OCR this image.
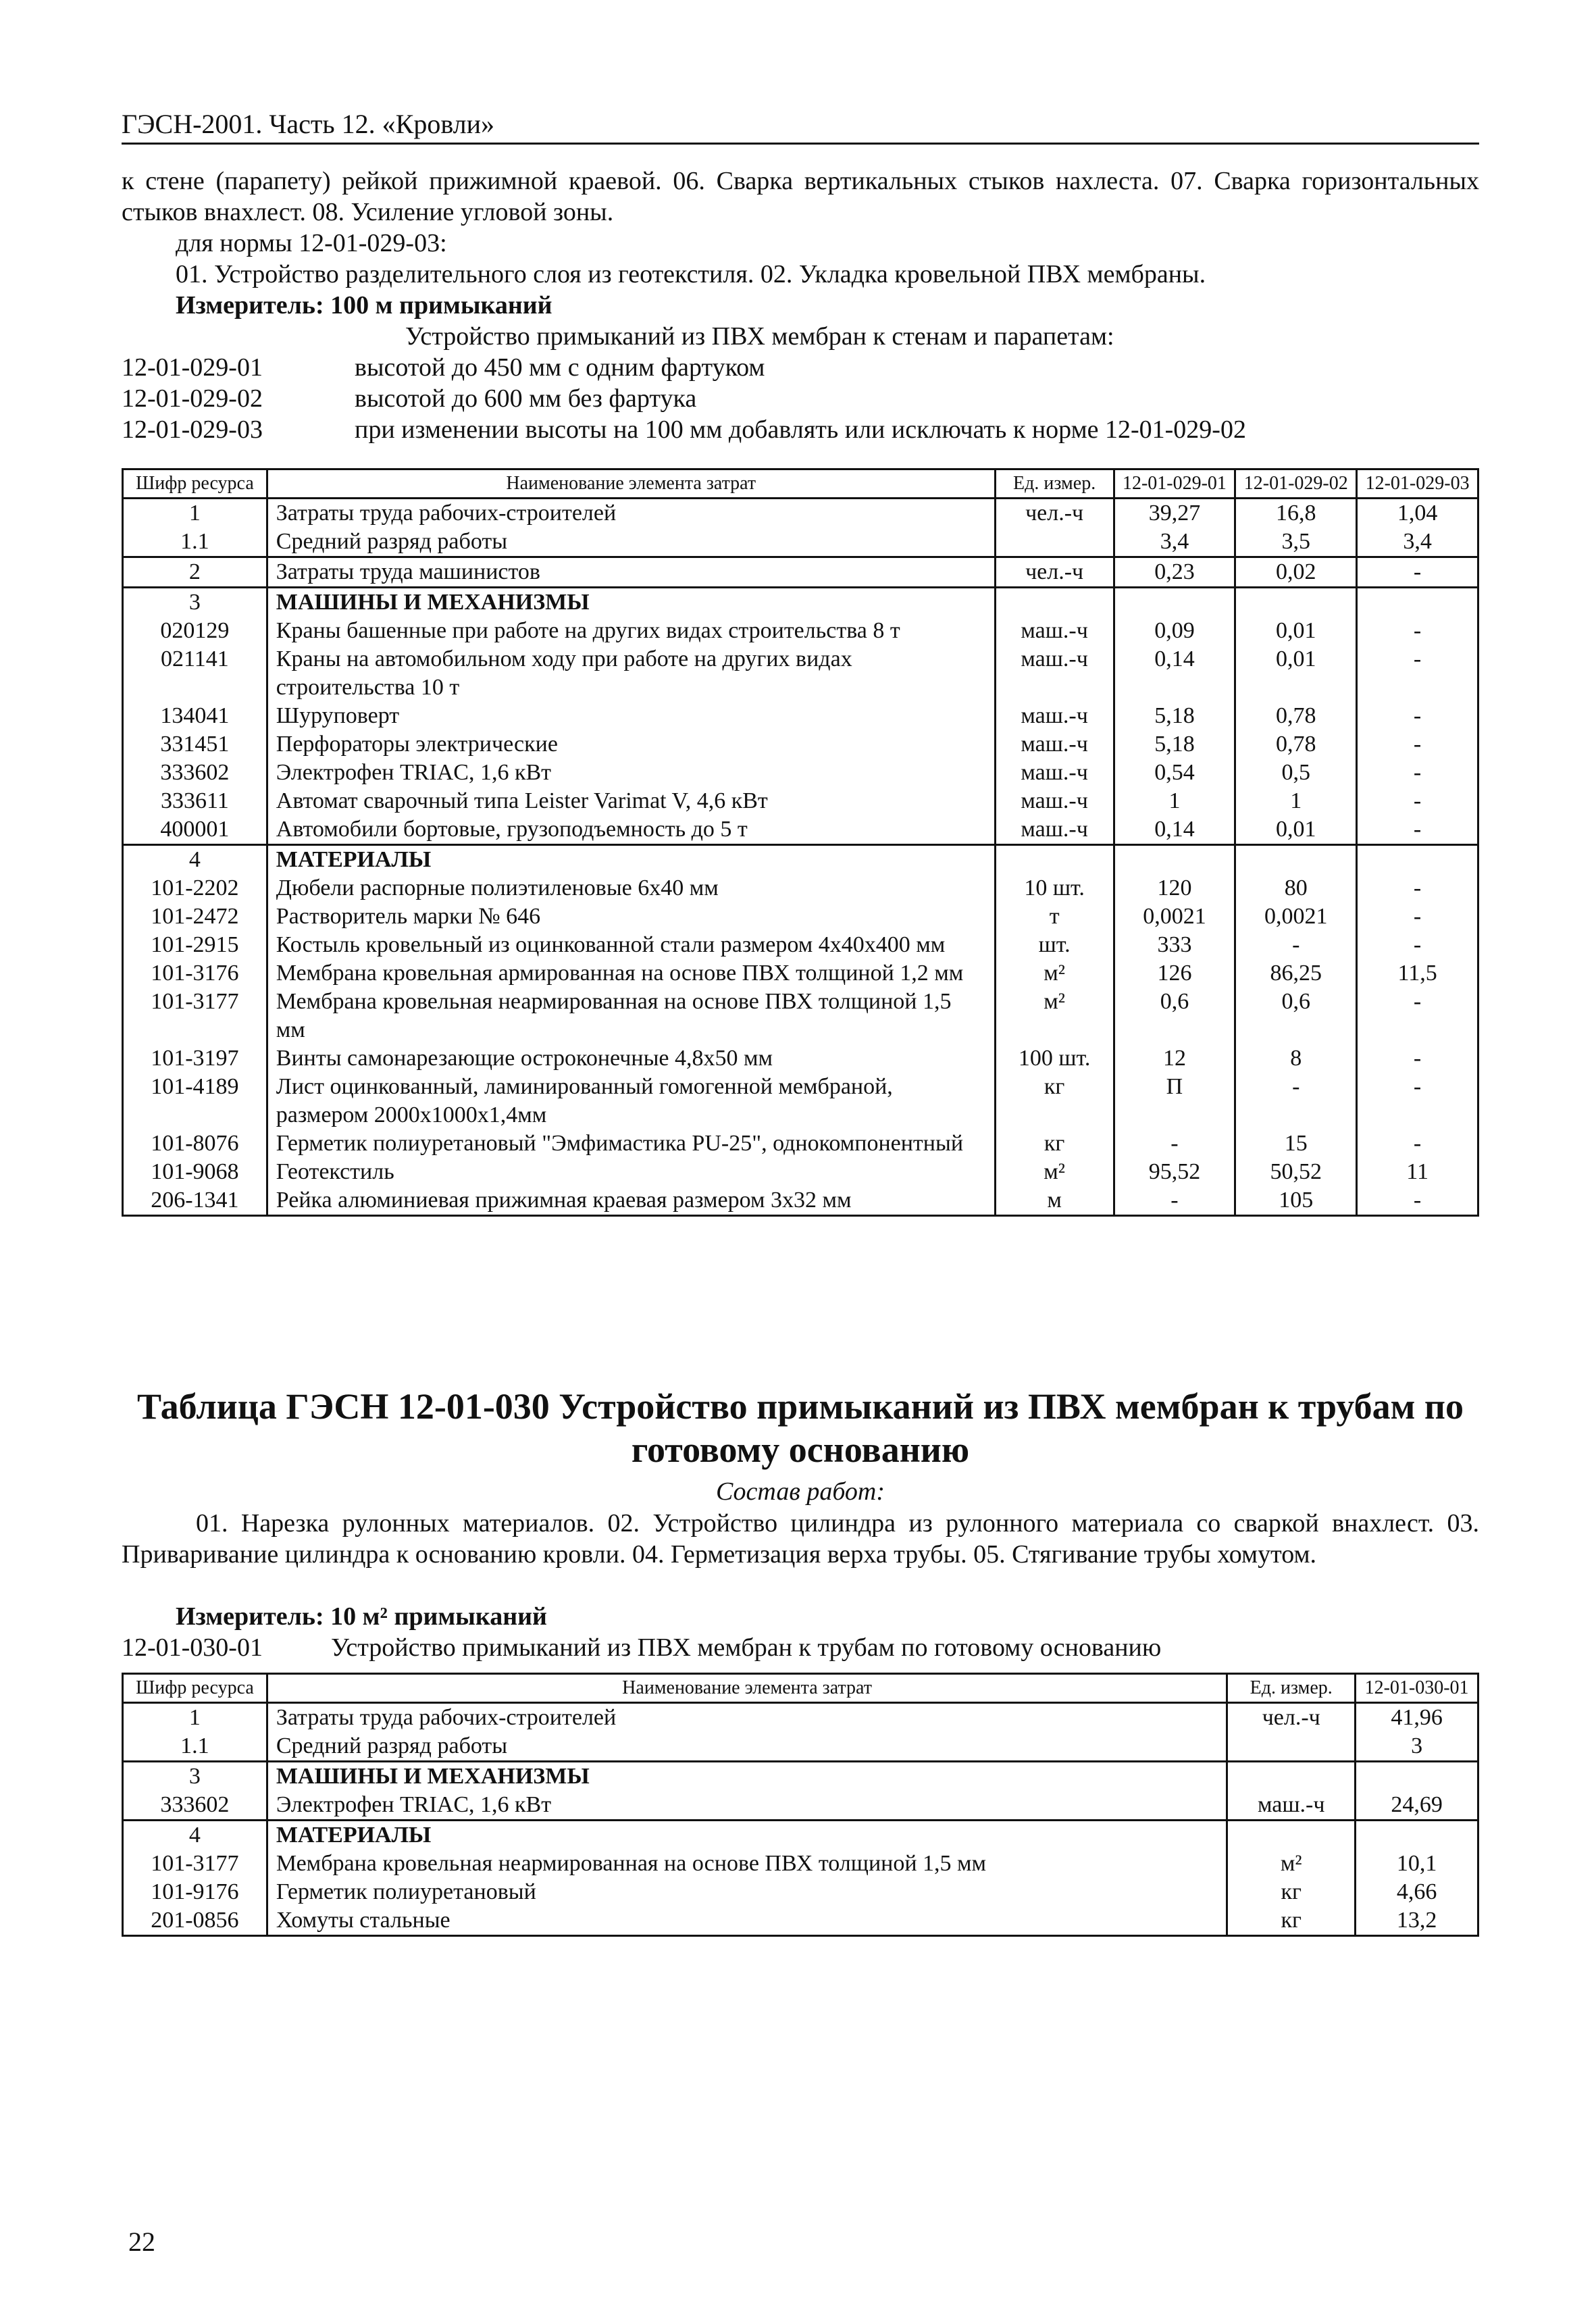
ГЭСН-2001. Часть 12. «Кровли»
к стене (парапету) рейкой прижимной краевой. 06. Сварка вертикальных стыков нахлеста. 07. Сварка горизонтальных стыков внахлест. 08. Усиление угловой зоны.
для нормы 12-01-029-03:
01. Устройство разделительного слоя из геотекстиля. 02. Укладка кровельной ПВХ мембраны.
Измеритель: 100 м примыканий
Устройство примыканий из ПВХ мембран к стенам и парапетам:
12-01-029-01	высотой до 450 мм с одним фартуком
12-01-029-02	высотой до 600 мм без фартука
12-01-029-03	при изменении высоты на 100 мм добавлять или исключать к норме 12-01-029-02
Шифр ресурса	Наименование элемента затрат	Ед. измер.	12-01-029-01	12-01-029-02	12-01-029-03
1	Затраты труда рабочих-строителей	чел.-ч	39,27	16,8	1,04
1.1	Средний разряд работы		3,4	3,5	3,4
2	Затраты труда машинистов	чел.-ч	0,23	0,02	-
3	МАШИНЫ И МЕХАНИЗМЫ				
020129	Краны башенные при работе на других видах строительства 8 т	маш.-ч	0,09	0,01	-
021141	Краны на автомобильном ходу при работе на других видах строительства 10 т	маш.-ч	0,14	0,01	-
134041	Шуруповерт	маш.-ч	5,18	0,78	-
331451	Перфораторы электрические	маш.-ч	5,18	0,78	-
333602	Электрофен TRIAC, 1,6 кВт	маш.-ч	0,54	0,5	-
333611	Автомат сварочный типа Leister Varimat V, 4,6 кВт	маш.-ч	1	1	-
400001	Автомобили бортовые, грузоподъемность до 5 т	маш.-ч	0,14	0,01	-
4	МАТЕРИАЛЫ				
101-2202	Дюбели распорные полиэтиленовые 6х40 мм	10 шт.	120	80	-
101-2472	Растворитель марки № 646	т	0,0021	0,0021	-
101-2915	Костыль кровельный из оцинкованной стали размером 4х40х400 мм	шт.	333	-	-
101-3176	Мембрана кровельная армированная на основе ПВХ толщиной 1,2 мм	м²	126	86,25	11,5
101-3177	Мембрана кровельная неармированная на основе ПВХ толщиной 1,5 мм	м²	0,6	0,6	-
101-3197	Винты самонарезающие остроконечные 4,8х50 мм	100 шт.	12	8	-
101-4189	Лист оцинкованный, ламинированный гомогенной мембраной, размером 2000х1000х1,4мм	кг	П	-	-
101-8076	Герметик полиуретановый "Эмфимастика PU-25", однокомпонентный	кг	-	15	-
101-9068	Геотекстиль	м²	95,52	50,52	11
206-1341	Рейка алюминиевая прижимная краевая размером 3х32 мм	м	-	105	-
Таблица ГЭСН 12-01-030 Устройство примыканий из ПВХ мембран к трубам по готовому основанию
Состав работ:
01. Нарезка рулонных материалов. 02. Устройство цилиндра из рулонного материала со сваркой внахлест. 03. Приваривание цилиндра к основанию кровли. 04. Герметизация верха трубы. 05. Стягивание трубы хомутом.
Измеритель: 10 м² примыканий
12-01-030-01	Устройство примыканий из ПВХ мембран к трубам по готовому основанию
Шифр ресурса	Наименование элемента затрат	Ед. измер.	12-01-030-01
1	Затраты труда рабочих-строителей	чел.-ч	41,96
1.1	Средний разряд работы		3
3	МАШИНЫ И МЕХАНИЗМЫ		
333602	Электрофен TRIAC, 1,6 кВт	маш.-ч	24,69
4	МАТЕРИАЛЫ		
101-3177	Мембрана кровельная неармированная на основе ПВХ толщиной 1,5 мм	м²	10,1
101-9176	Герметик полиуретановый	кг	4,66
201-0856	Хомуты стальные	кг	13,2
22
